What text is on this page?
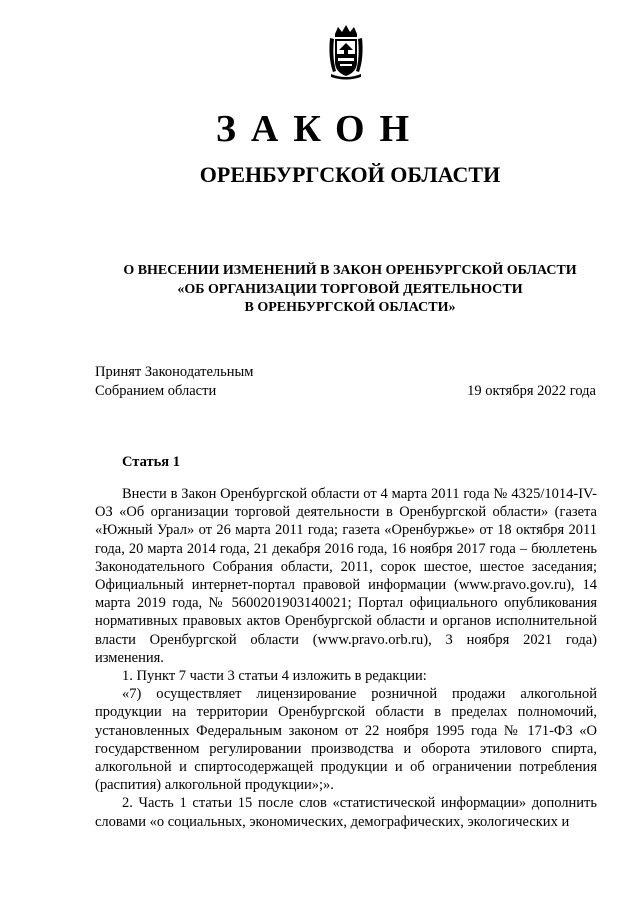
ЗАКОН
ОРЕНБУРГСКОЙ ОБЛАСТИ
О ВНЕСЕНИИ ИЗМЕНЕНИЙ В ЗАКОН ОРЕНБУРГСКОЙ ОБЛАСТИ
«ОБ ОРГАНИЗАЦИИ ТОРГОВОЙ ДЕЯТЕЛЬНОСТИ
В ОРЕНБУРГСКОЙ ОБЛАСТИ»
Принят Законодательным
Собранием области	19 октября 2022 года
Статья 1

Внести в Закон Оренбургской области от 4 марта 2011 года № 4325/1014-IV-ОЗ «Об организации торговой деятельности в Оренбургской области» (газета «Южный Урал» от 26 марта 2011 года; газета «Оренбуржье» от 18 октября 2011 года, 20 марта 2014 года, 21 декабря 2016 года, 16 ноября 2017 года – бюллетень Законодательного Собрания области, 2011, сорок шестое, шестое заседания; Официальный интернет-портал правовой информации (www.pravo.gov.ru), 14 марта 2019 года, № 5600201903140021; Портал официального опубликования нормативных правовых актов Оренбургской области и органов исполнительной власти Оренбургской области (www.pravo.orb.ru), 3 ноября 2021 года) изменения.

1. Пункт 7 части 3 статьи 4 изложить в редакции:

«7) осуществляет лицензирование розничной продажи алкогольной продукции на территории Оренбургской области в пределах полномочий, установленных Федеральным законом от 22 ноября 1995 года № 171-ФЗ «О государственном регулировании производства и оборота этилового спирта, алкогольной и спиртосодержащей продукции и об ограничении потребления (распития) алкогольной продукции»;».

2. Часть 1 статьи 15 после слов «статистической информации» дополнить словами «о социальных, экономических, демографических, экологических и
